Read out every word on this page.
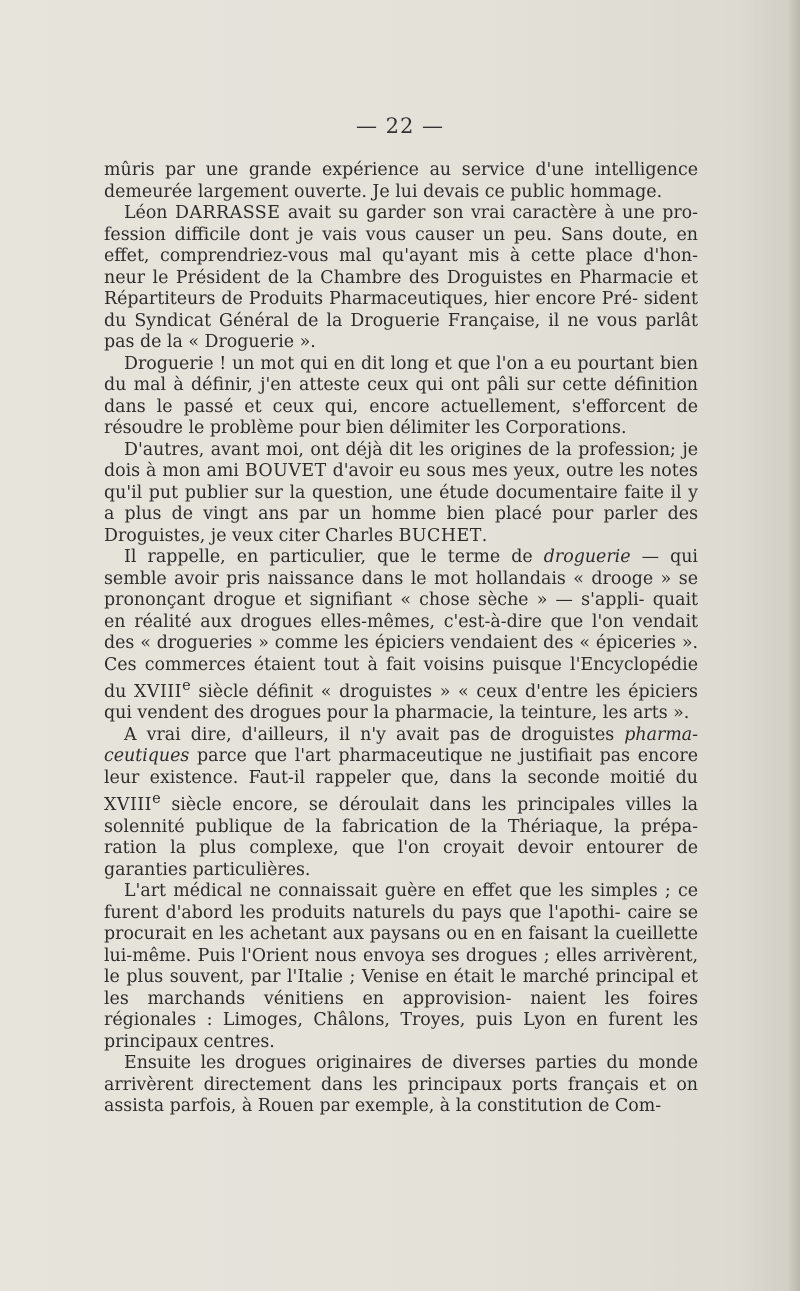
— 22 —

mûris par une grande expérience au service d'une intelligence demeurée largement ouverte. Je lui devais ce public hommage.

Léon DARRASSE avait su garder son vrai caractère à une pro- fession difficile dont je vais vous causer un peu. Sans doute, en effet, comprendriez-vous mal qu'ayant mis à cette place d'hon- neur le Président de la Chambre des Droguistes en Pharmacie et Répartiteurs de Produits Pharmaceutiques, hier encore Pré- sident du Syndicat Général de la Droguerie Française, il ne vous parlât pas de la « Droguerie ».

Droguerie ! un mot qui en dit long et que l'on a eu pourtant bien du mal à définir, j'en atteste ceux qui ont pâli sur cette définition dans le passé et ceux qui, encore actuellement, s'efforcent de résoudre le problème pour bien délimiter les Corporations.

D'autres, avant moi, ont déjà dit les origines de la profession; je dois à mon ami BOUVET d'avoir eu sous mes yeux, outre les notes qu'il put publier sur la question, une étude documentaire faite il y a plus de vingt ans par un homme bien placé pour parler des Droguistes, je veux citer Charles BUCHET.

Il rappelle, en particulier, que le terme de droguerie — qui semble avoir pris naissance dans le mot hollandais « drooge » se prononçant drogue et signifiant « chose sèche » — s'appli- quait en réalité aux drogues elles-mêmes, c'est-à-dire que l'on vendait des « drogueries » comme les épiciers vendaient des « épiceries ». Ces commerces étaient tout à fait voisins puisque l'Encyclopédie du XVIIIe siècle définit « droguistes » « ceux d'entre les épiciers qui vendent des drogues pour la pharmacie, la teinture, les arts ».

A vrai dire, d'ailleurs, il n'y avait pas de droguistes pharma- ceutiques parce que l'art pharmaceutique ne justifiait pas encore leur existence. Faut-il rappeler que, dans la seconde moitié du XVIIIe siècle encore, se déroulait dans les principales villes la solennité publique de la fabrication de la Thériaque, la prépa- ration la plus complexe, que l'on croyait devoir entourer de garanties particulières.

L'art médical ne connaissait guère en effet que les simples ; ce furent d'abord les produits naturels du pays que l'apothi- caire se procurait en les achetant aux paysans ou en en faisant la cueillette lui-même. Puis l'Orient nous envoya ses drogues ; elles arrivèrent, le plus souvent, par l'Italie ; Venise en était le marché principal et les marchands vénitiens en approvision- naient les foires régionales : Limoges, Châlons, Troyes, puis Lyon en furent les principaux centres.

Ensuite les drogues originaires de diverses parties du monde arrivèrent directement dans les principaux ports français et on assista parfois, à Rouen par exemple, à la constitution de Com-
